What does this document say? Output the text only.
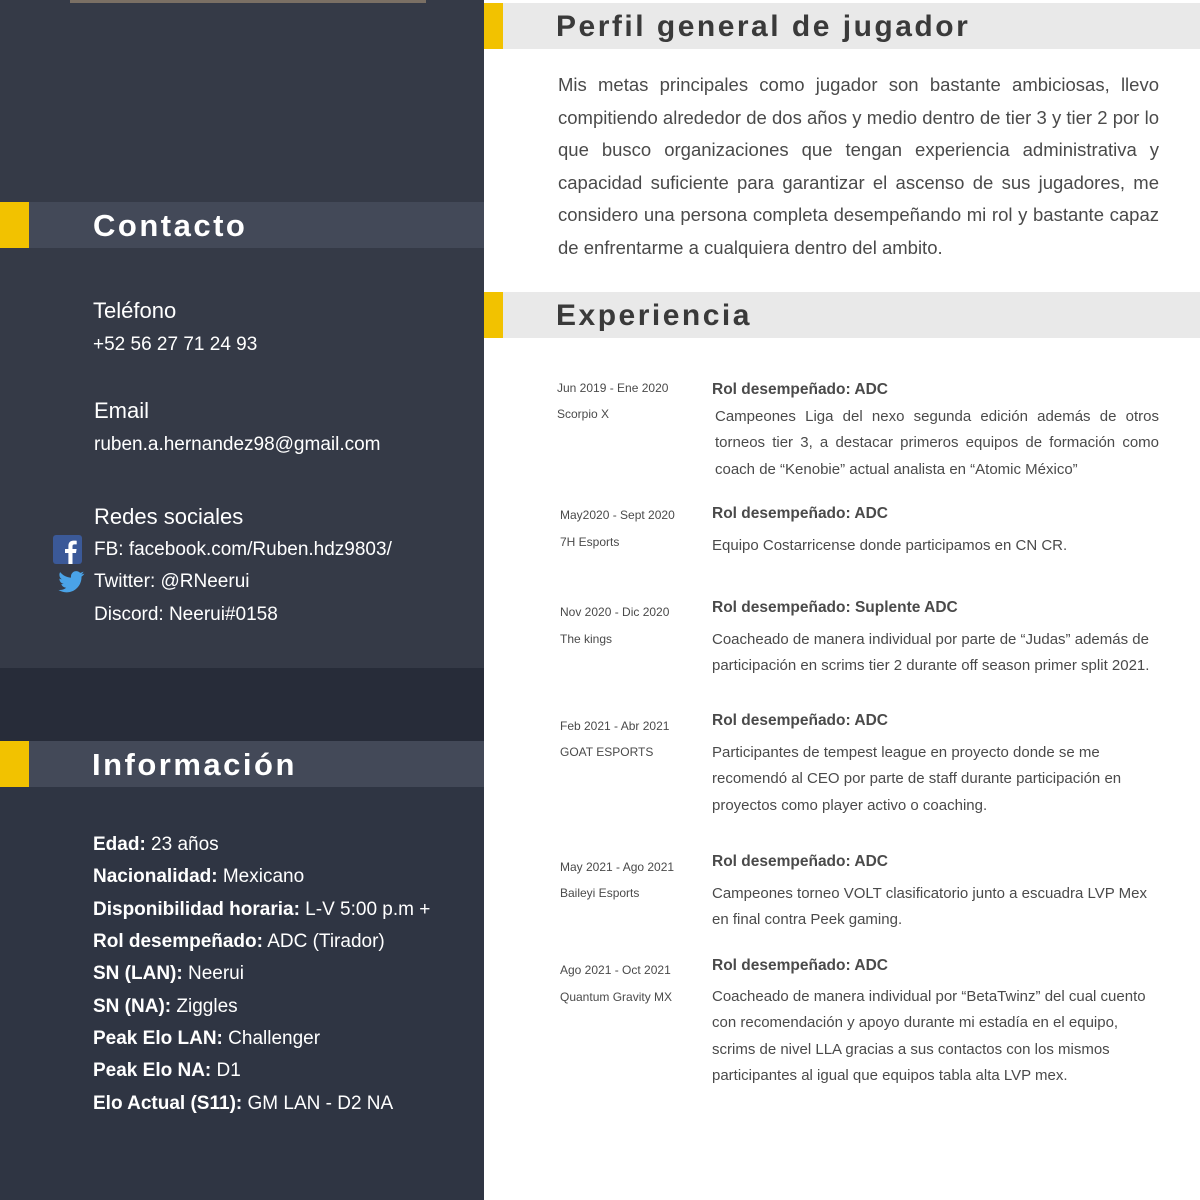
Contacto
Teléfono
+52 56 27 71 24 93
Email
ruben.a.hernandez98@gmail.com
Redes sociales
FB: facebook.com/Ruben.hdz9803/
Twitter: @RNeerui
Discord: Neerui#0158
Información
Edad: 23 años
Nacionalidad: Mexicano
Disponibilidad horaria: L-V 5:00 p.m +
Rol desempeñado: ADC (Tirador)
SN (LAN): Neerui
SN (NA): Ziggles
Peak Elo LAN: Challenger
Peak Elo NA: D1
Elo Actual (S11): GM LAN - D2 NA
Perfil general de jugador
Mis metas principales como jugador son bastante ambiciosas, llevo compitiendo alrededor de dos años y medio dentro de tier 3 y tier 2 por lo que busco organizaciones que tengan experiencia administrativa y capacidad suficiente para garantizar el ascenso de sus jugadores, me considero una persona completa desempeñando mi rol y bastante capaz de enfrentarme a cualquiera dentro del ambito.
Experiencia
Jun 2019 - Ene 2020
Scorpio X
Rol desempeñado: ADC
Campeones Liga del nexo segunda edición además de otros torneos tier 3, a destacar primeros equipos de formación como coach de “Kenobie” actual analista en “Atomic México”
May2020 - Sept 2020
7H Esports
Rol desempeñado: ADC
Equipo Costarricense donde participamos en CN CR.
Nov 2020 - Dic 2020
The kings
Rol desempeñado: Suplente ADC
Coacheado de manera individual por parte de “Judas” además de participación en scrims tier 2 durante off season primer split 2021.
Feb 2021 - Abr 2021
GOAT ESPORTS
Rol desempeñado: ADC
Participantes de tempest league en proyecto donde se me recomendó al CEO por parte de staff durante participación en proyectos como player activo o coaching.
May 2021 - Ago 2021
Baileyi Esports
Rol desempeñado: ADC
Campeones torneo VOLT clasificatorio junto a escuadra LVP Mex en final contra Peek gaming.
Ago 2021 - Oct 2021
Quantum Gravity MX
Rol desempeñado: ADC
Coacheado de manera individual por “BetaTwinz” del cual cuento con recomendación y apoyo durante mi estadía en el equipo, scrims de nivel LLA gracias a sus contactos con los mismos participantes al igual que equipos tabla alta LVP mex.
